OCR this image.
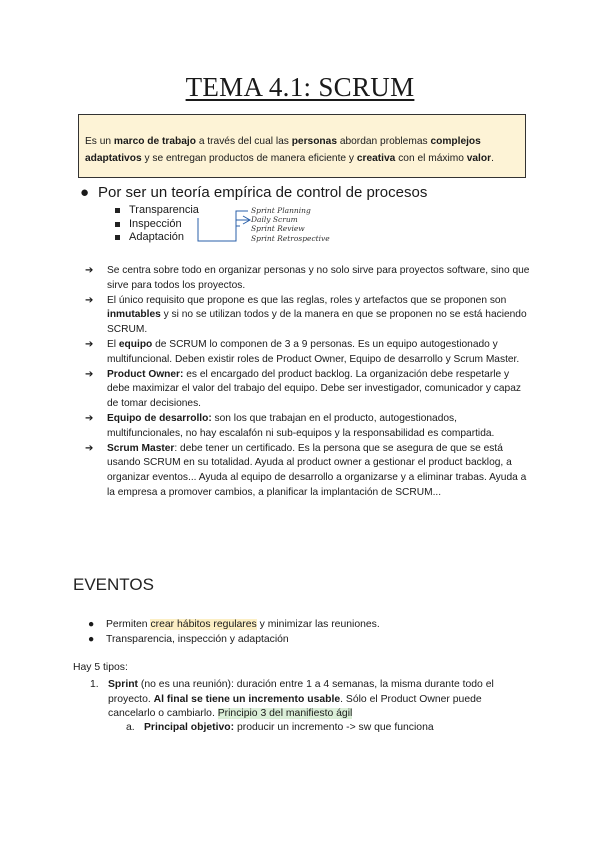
TEMA 4.1: SCRUM
Es un marco de trabajo a través del cual las personas abordan problemas complejos adaptativos y se entregan productos de manera eficiente y creativa con el máximo valor.
● Por ser un teoría empírica de control de procesos
Transparencia
Inspección
Adaptación
Sprint Planning
Daily Scrum
Sprint Review
Sprint Retrospective
➔	Se centra sobre todo en organizar personas y no solo sirve para proyectos software, sino que sirve para todos los proyectos.
➔	El único requisito que propone es que las reglas, roles y artefactos que se proponen son inmutables y si no se utilizan todos y de la manera en que se proponen no se está haciendo SCRUM.
➔	El equipo de SCRUM lo componen de 3 a 9 personas. Es un equipo autogestionado y multifuncional. Deben existir roles de Product Owner, Equipo de desarrollo y Scrum Master.
➔	Product Owner: es el encargado del product backlog. La organización debe respetarle y debe maximizar el valor del trabajo del equipo. Debe ser investigador, comunicador y capaz de tomar decisiones.
➔	Equipo de desarrollo: son los que trabajan en el producto, autogestionados, multifuncionales, no hay escalafón ni sub-equipos y la responsabilidad es compartida.
➔	Scrum Master: debe tener un certificado. Es la persona que se asegura de que se está usando SCRUM en su totalidad. Ayuda al product owner a gestionar el product backlog, a organizar eventos... Ayuda al equipo de desarrollo a organizarse y a eliminar trabas. Ayuda a la empresa a promover cambios, a planificar la implantación de SCRUM...
EVENTOS
●	Permiten crear hábitos regulares y minimizar las reuniones.
●	Transparencia, inspección y adaptación
Hay 5 tipos:
1. Sprint (no es una reunión): duración entre 1 a 4 semanas, la misma durante todo el proyecto. Al final se tiene un incremento usable. Sólo el Product Owner puede cancelarlo o cambiarlo. Principio 3 del manifiesto ágil
a. Principal objetivo: producir un incremento -> sw que funciona
